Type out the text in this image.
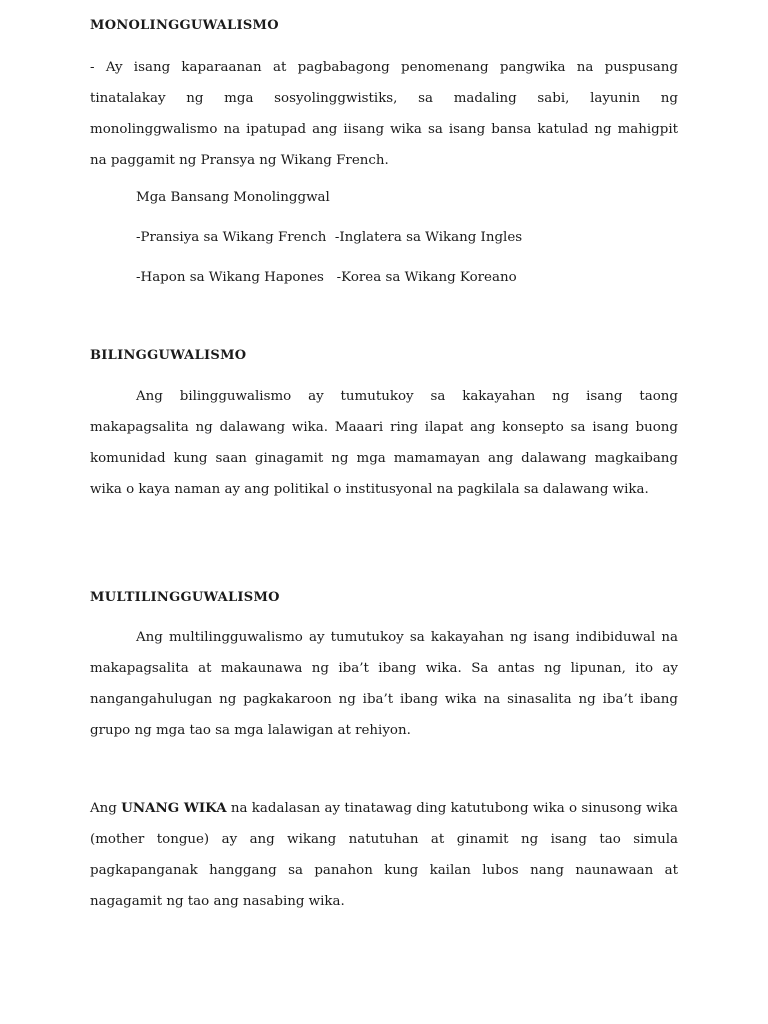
MONOLINGGUWALISMO

- Ay isang kaparaanan at pagbabagong penomenang pangwika na puspusang tinatalakay ng mga sosyolinggwistiks, sa madaling sabi, layunin ng monolinggwalismo na ipatupad ang iisang wika sa isang bansa katulad ng mahigpit na paggamit ng Pransya ng Wikang French.

Mga Bansang Monolinggwal
-Pransiya sa Wikang French  -Inglatera sa Wikang Ingles
-Hapon sa Wikang Hapones   -Korea sa Wikang Koreano
BILINGGUWALISMO

Ang bilingguwalismo ay tumutukoy sa kakayahan ng isang taong makapagsalita ng dalawang wika. Maaari ring ilapat ang konsepto sa isang buong komunidad kung saan ginagamit ng mga mamamayan ang dalawang magkaibang wika o kaya naman ay ang politikal o institusyonal na pagkilala sa dalawang wika.

MULTILINGGUWALISMO

Ang multilingguwalismo ay tumutukoy sa kakayahan ng isang indibiduwal na makapagsalita at makaunawa ng iba’t ibang wika. Sa antas ng lipunan, ito ay nangangahulugan ng pagkakaroon ng iba’t ibang wika na sinasalita ng iba’t ibang grupo ng mga tao sa mga lalawigan at rehiyon.

Ang UNANG WIKA na kadalasan ay tinatawag ding katutubong wika o sinusong wika (mother tongue) ay ang wikang natutuhan at ginamit ng isang tao simula pagkapanganak hanggang sa panahon kung kailan lubos nang naunawaan at nagagamit ng tao ang nasabing wika.
